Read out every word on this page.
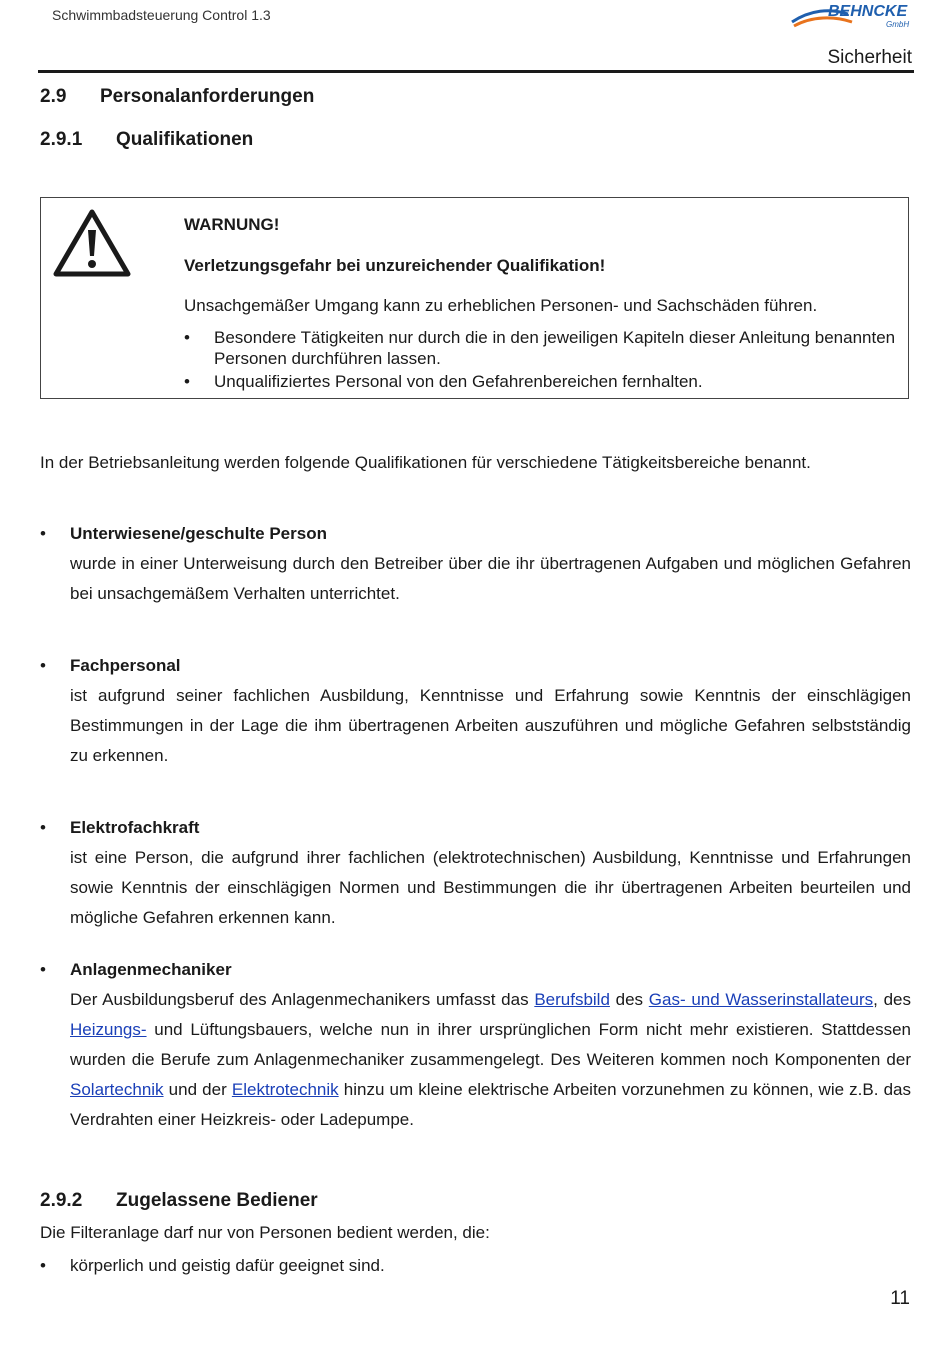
Schwimmbadsteuerung Control 1.3	BEHNCKE
GmbH
Sicherheit
2.9 Personalanforderungen
2.9.1 Qualifikationen
WARNUNG!
Verletzungsgefahr bei unzureichender Qualifikation!
Unsachgemäßer Umgang kann zu erheblichen Personen- und Sachschäden führen.
• Besondere Tätigkeiten nur durch die in den jeweiligen Kapiteln dieser Anleitung benannten Personen durchführen lassen.
• Unqualifiziertes Personal von den Gefahrenbereichen fernhalten.
In der Betriebsanleitung werden folgende Qualifikationen für verschiedene Tätigkeitsbereiche benannt.
• Unterwiesene/geschulte Person
wurde in einer Unterweisung durch den Betreiber über die ihr übertragenen Aufgaben und möglichen Gefahren bei unsachgemäßem Verhalten unterrichtet.
• Fachpersonal
ist aufgrund seiner fachlichen Ausbildung, Kenntnisse und Erfahrung sowie Kenntnis der einschlägigen Bestimmungen in der Lage die ihm übertragenen Arbeiten auszuführen und mögliche Gefahren selbstständig zu erkennen.
• Elektrofachkraft
ist eine Person, die aufgrund ihrer fachlichen (elektrotechnischen) Ausbildung, Kenntnisse und Erfahrungen sowie Kenntnis der einschlägigen Normen und Bestimmungen die ihr übertragenen Arbeiten beurteilen und mögliche Gefahren erkennen kann.
• Anlagenmechaniker
Der Ausbildungsberuf des Anlagenmechanikers umfasst das Berufsbild des Gas- und Wasserinstallateurs, des Heizungs- und Lüftungsbauers, welche nun in ihrer ursprünglichen Form nicht mehr existieren. Stattdessen wurden die Berufe zum Anlagenmechaniker zusammengelegt. Des Weiteren kommen noch Komponenten der Solartechnik und der Elektrotechnik hinzu um kleine elektrische Arbeiten vorzunehmen zu können, wie z.B. das Verdrahten einer Heizkreis- oder Ladepumpe.
2.9.2 Zugelassene Bediener
Die Filteranlage darf nur von Personen bedient werden, die:
• körperlich und geistig dafür geeignet sind.
11
